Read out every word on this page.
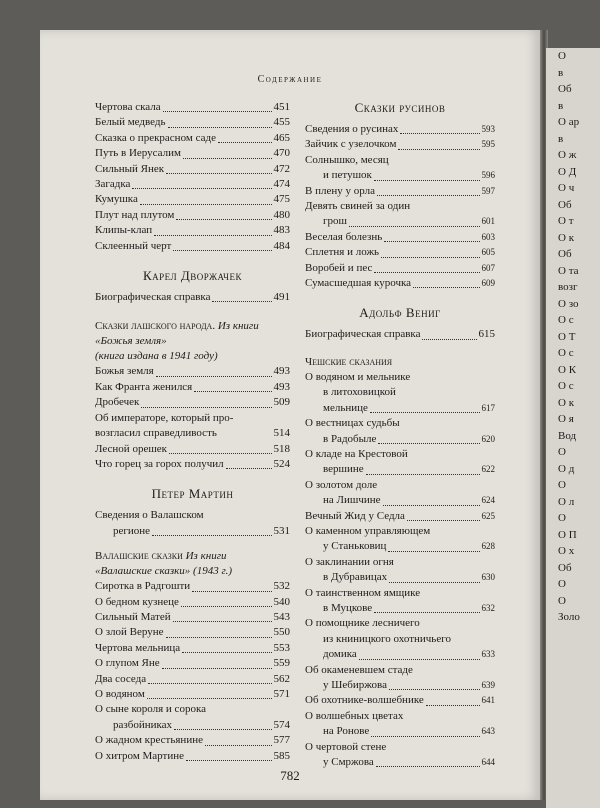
О
в
Об
в
О ар
в
О ж
О Д
О ч
Об
О т
О к
Об
О та
возг
О зо
О с
О Т
О с
О К
О с
О к
О я
Вод
О
О д
О
О л
О
О П
О х
Об
О
О
Золо
Содержание
Чертова скала	451
Белый медведь	455
Сказка о прекрасном саде	465
Путь в Иерусалим	470
Сильный Янек	472
Загадка	474
Кумушка	475
Плут над плутом	480
Клипы-клап	483
Склеенный черт	484
Карел Дворжачек
Биографическая справка	491
Сказки лашского народа. Из книги «Божья земля»
(книга издана в 1941 году)
Божья земля	493
Как Франта женился	493
Дробечек	509
Об императоре, который про-
возгласил справедливость	514
Лесной орешек	518
Что горец за горох получил	524
Петер Мартин
Сведения о Валашском
регионе	531
Валашские сказки Из книги
«Валашские сказки» (1943 г.)
Сиротка в Радгошти	532
О бедном кузнеце	540
Сильный Матей	543
О злой Веруне	550
Чертова мельница	553
О глупом Яне	559
Два соседа	562
О водяном	571
О сыне короля и сорока
разбойниках	574
О жадном крестьянине	577
О хитром Мартине	585
Сказки русинов
Сведения о русинах	593
Зайчик с узелочком	595
Солнышко, месяц
и петушок	596
В плену у орла	597
Девять свиней за один
грош	601
Веселая болезнь	603
Сплетня и ложь	605
Воробей и пес	607
Сумасшедшая курочка	609
Адольф Вениг
Биографическая справка	615
Чешские сказания
О водяном и мельнике
в литоховицкой
мельнице	617
О вестницах судьбы
в Радобыле	620
О кладе на Крестовой
вершине	622
О золотом доле
на Лишчине	624
Вечный Жид у Седла	625
О каменном управляющем
у Станьковиц	628
О заклинании огня
в Дубравицах	630
О таинственном ямщике
в Муцкове	632
О помощнике лесничего
из книницкого охотничьего
домика	633
Об окаменевшем стаде
у Шебиржова	639
Об охотнике-волшебнике	641
О волшебных цветах
на Ронове	643
О чертовой стене
у Смржова	644
782
